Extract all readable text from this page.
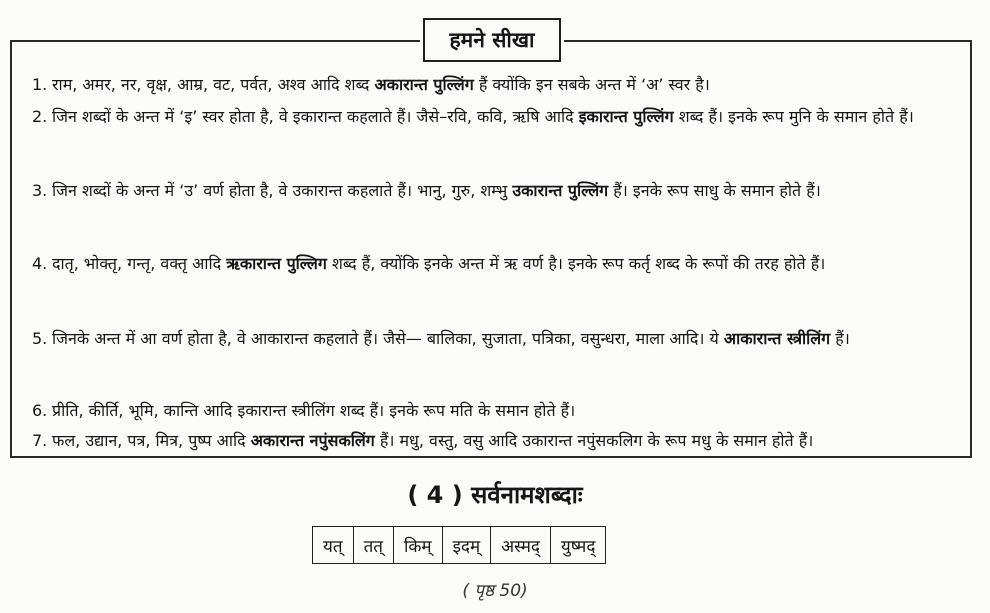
1. राम, अमर, नर, वृक्ष, आम्र, वट, पर्वत, अश्व आदि शब्द अकारान्त पुल्लिंग हैं क्योंकि इन सबके अन्त में ‘अ’ स्वर है।
2. जिन शब्दों के अन्त में ‘इ’ स्वर होता है, वे इकारान्त कहलाते हैं। जैसे–रवि, कवि, ऋषि आदि इकारान्त पुल्लिंग शब्द हैं। इनके रूप मुनि के समान होते हैं।
3. जिन शब्दों के अन्त में ‘उ’ वर्ण होता है, वे उकारान्त कहलाते हैं। भानु, गुरु, शम्भु उकारान्त पुल्लिंग हैं। इनके रूप साधु के समान होते हैं।
4. दातृ, भोक्तृ, गन्तृ, वक्तृ आदि ऋकारान्त पुल्लिग शब्द हैं, क्योंकि इनके अन्त में ऋ वर्ण है। इनके रूप कर्तृ शब्द के रूपों की तरह होते हैं।
5. जिनके अन्त में आ वर्ण होता है, वे आकारान्त कहलाते हैं। जैसे— बालिका, सुजाता, पत्रिका, वसुन्धरा, माला आदि। ये आकारान्त स्त्रीलिंग हैं।
6. प्रीति, कीर्ति, भूमि, कान्ति आदि इकारान्त स्त्रीलिंग शब्द हैं। इनके रूप मति के समान होते हैं।
7. फल, उद्यान, पत्र, मित्र, पुष्प आदि अकारान्त नपुंसकलिंग हैं। मधु, वस्तु, वसु आदि उकारान्त नपुंसकलिग के रूप मधु के समान होते हैं।
हमने सीखा
( 4 ) सर्वनामशब्दाः
यत्	तत्	किम्	इदम्	अस्मद्	युष्मद्
( पृष्ठ 50)
